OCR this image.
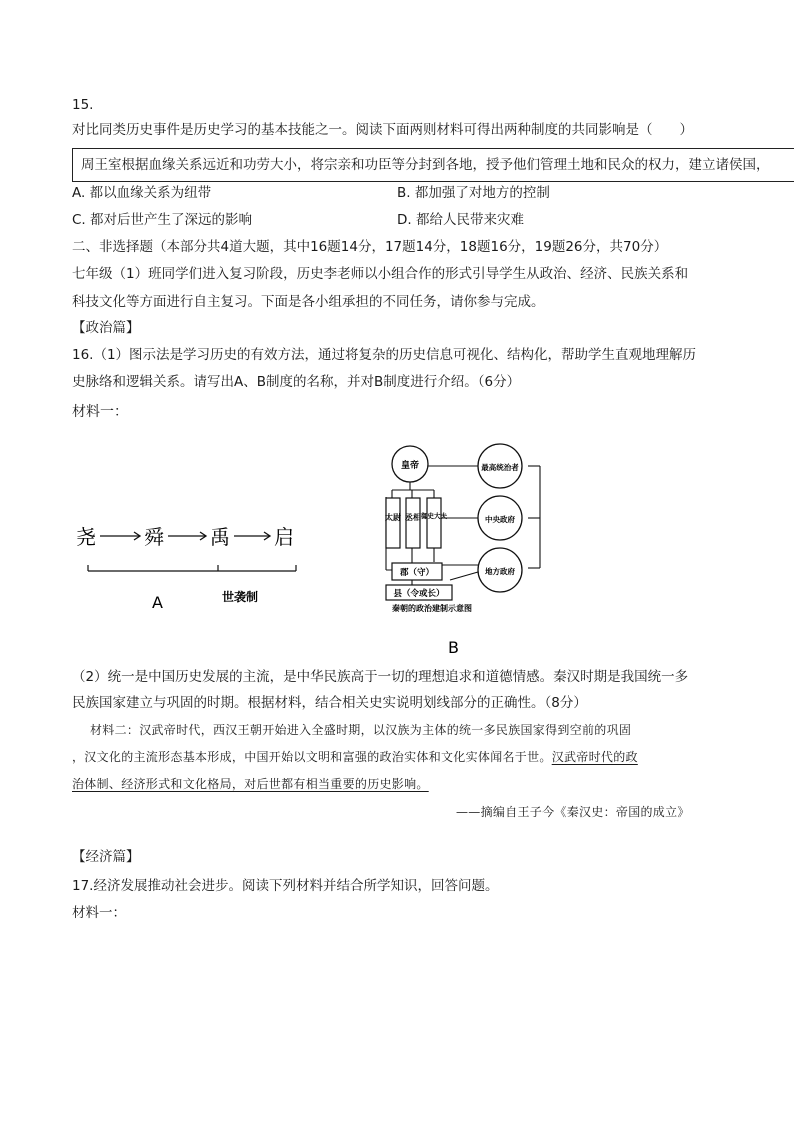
15.
对比同类历史事件是历史学习的基本技能之一。阅读下面两则材料可得出两种制度的共同影响是（　　）
周王室根据血缘关系远近和功劳大小，将宗亲和功臣等分封到各地，授予他们管理土地和民众的权力，建立诸侯国，
A. 都以血缘关系为纽带	B. 都加强了对地方的控制
C. 都对后世产生了深远的影响	D. 都给人民带来灾难
二、非选择题（本部分共4道大题，其中16题14分，17题14分，18题16分，19题26分，共70分）
七年级（1）班同学们进入复习阶段，历史李老师以小组合作的形式引导学生从政治、经济、民族关系和
科技文化等方面进行自主复习。下面是各小组承担的不同任务，请你参与完成。
【政治篇】
16.（1）图示法是学习历史的有效方法，通过将复杂的历史信息可视化、结构化，帮助学生直观地理解历
史脉络和逻辑关系。请写出A、B制度的名称，并对B制度进行介绍。（6分）
材料一：
尧 舜 禹 启
A	世袭制
皇帝	最高统治者
中央政府
地方政府
太尉 丞相 御史大夫
郡（守）
县（令或长）
秦朝的政治建制示意图
B
（2）统一是中国历史发展的主流，是中华民族高于一切的理想追求和道德情感。秦汉时期是我国统一多
民族国家建立与巩固的时期。根据材料，结合相关史实说明划线部分的正确性。（8分）
材料二：汉武帝时代，西汉王朝开始进入全盛时期，以汉族为主体的统一多民族国家得到空前的巩固
，汉文化的主流形态基本形成，中国开始以文明和富强的政治实体和文化实体闻名于世。汉武帝时代的政
治体制、经济形式和文化格局，对后世都有相当重要的历史影响。
——摘编自王子今《秦汉史：帝国的成立》
【经济篇】
17.经济发展推动社会进步。阅读下列材料并结合所学知识，回答问题。
材料一：
